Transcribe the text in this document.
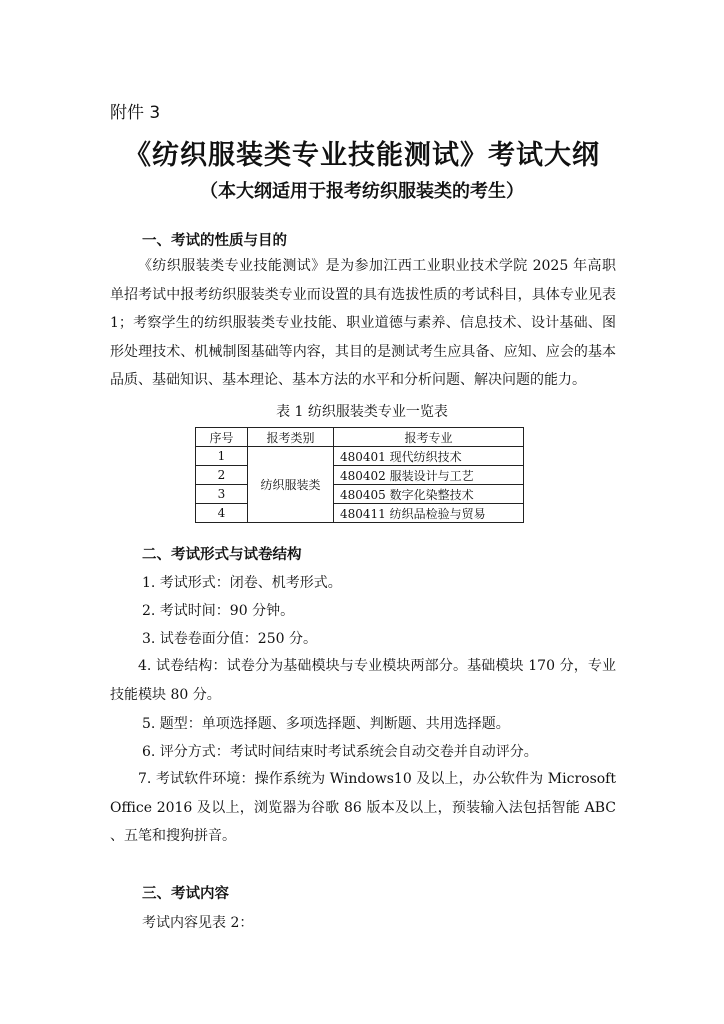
附件 3
《纺织服装类专业技能测试》考试大纲
（本大纲适用于报考纺织服装类的考生）
一、考试的性质与目的
《纺织服装类专业技能测试》是为参加江西工业职业技术学院 2025 年高职单招考试中报考纺织服装类专业而设置的具有选拔性质的考试科目，具体专业见表 1；考察学生的纺织服装类专业技能、职业道德与素养、信息技术、设计基础、图形处理技术、机械制图基础等内容，其目的是测试考生应具备、应知、应会的基本品质、基础知识、基本理论、基本方法的水平和分析问题、解决问题的能力。
表 1 纺织服装类专业一览表
序号	报考类别	报考专业
1	纺织服装类	480401 现代纺织技术
2		480402 服装设计与工艺
3		480405 数字化染整技术
4		480411 纺织品检验与贸易
二、考试形式与试卷结构
1. 考试形式：闭卷、机考形式。
2. 考试时间：90 分钟。
3. 试卷卷面分值：250 分。
4. 试卷结构：试卷分为基础模块与专业模块两部分。基础模块 170 分，专业技能模块 80 分。
5. 题型：单项选择题、多项选择题、判断题、共用选择题。
6. 评分方式：考试时间结束时考试系统会自动交卷并自动评分。
7. 考试软件环境：操作系统为 Windows10 及以上，办公软件为 Microsoft Office 2016 及以上，浏览器为谷歌 86 版本及以上，预装输入法包括智能 ABC 、五笔和搜狗拼音。
三、考试内容
考试内容见表 2：
